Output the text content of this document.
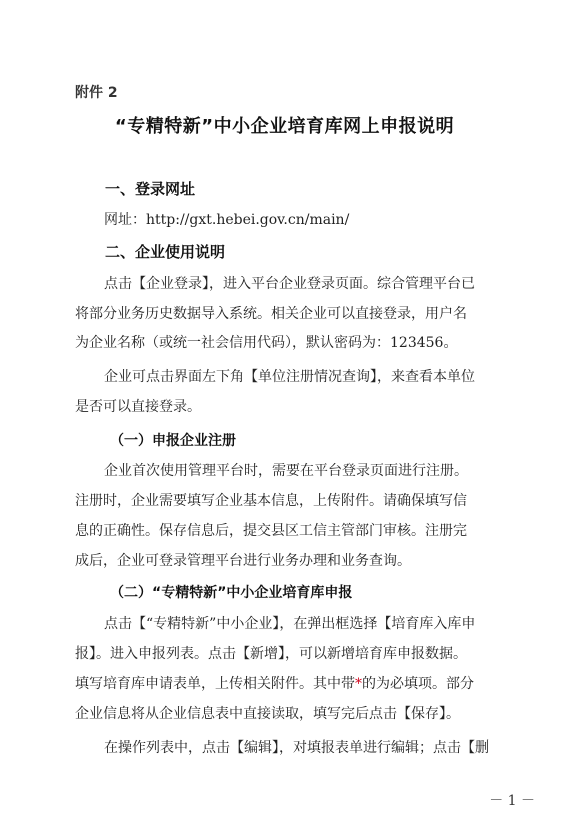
附件 2
“专精特新”中小企业培育库网上申报说明
一、登录网址
网址：http://gxt.hebei.gov.cn/main/
二、企业使用说明
点击【企业登录】，进入平台企业登录页面。综合管理平台已
将部分业务历史数据导入系统。相关企业可以直接登录，用户名
为企业名称（或统一社会信用代码），默认密码为：123456。
企业可点击界面左下角【单位注册情况查询】，来查看本单位
是否可以直接登录。
（一）申报企业注册
企业首次使用管理平台时，需要在平台登录页面进行注册。
注册时，企业需要填写企业基本信息，上传附件。请确保填写信
息的正确性。保存信息后，提交县区工信主管部门审核。注册完
成后，企业可登录管理平台进行业务办理和业务查询。
（二）“专精特新”中小企业培育库申报
点击【“专精特新”中小企业】，在弹出框选择【培育库入库申
报】。进入申报列表。点击【新增】，可以新增培育库申报数据。
填写培育库申请表单，上传相关附件。其中带*的为必填项。部分
企业信息将从企业信息表中直接读取，填写完后点击【保存】。
在操作列表中，点击【编辑】，对填报表单进行编辑；点击【删
－ 1 －
